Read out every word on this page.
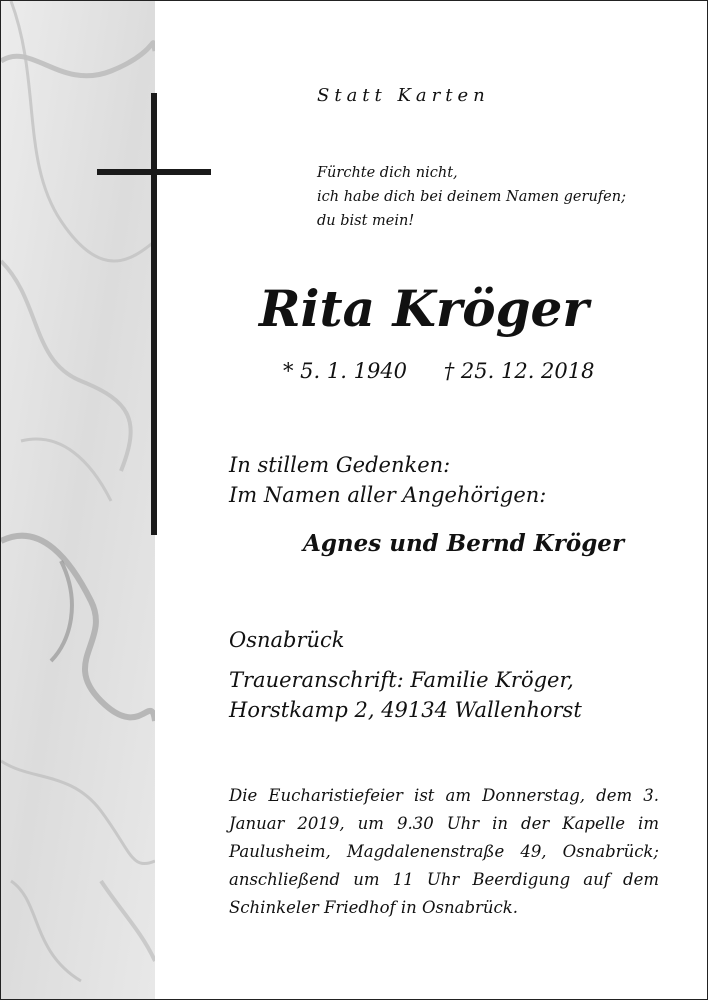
Statt Karten
Fürchte dich nicht,
ich habe dich bei deinem Namen gerufen;
du bist mein!
Rita Kröger
* 5. 1. 1940 † 25. 12. 2018
In stillem Gedenken:
Im Namen aller Angehörigen:
Agnes und Bernd Kröger
Osnabrück
Traueranschrift: Familie Kröger,
Horstkamp 2, 49134 Wallenhorst
Die Eucharistiefeier ist am Donnerstag, dem 3. Januar 2019, um 9.30 Uhr in der Kapelle im Paulusheim, Magdalenenstraße 49, Osnabrück; anschließend um 11 Uhr Beerdigung auf dem Schinkeler Friedhof in Osnabrück.
